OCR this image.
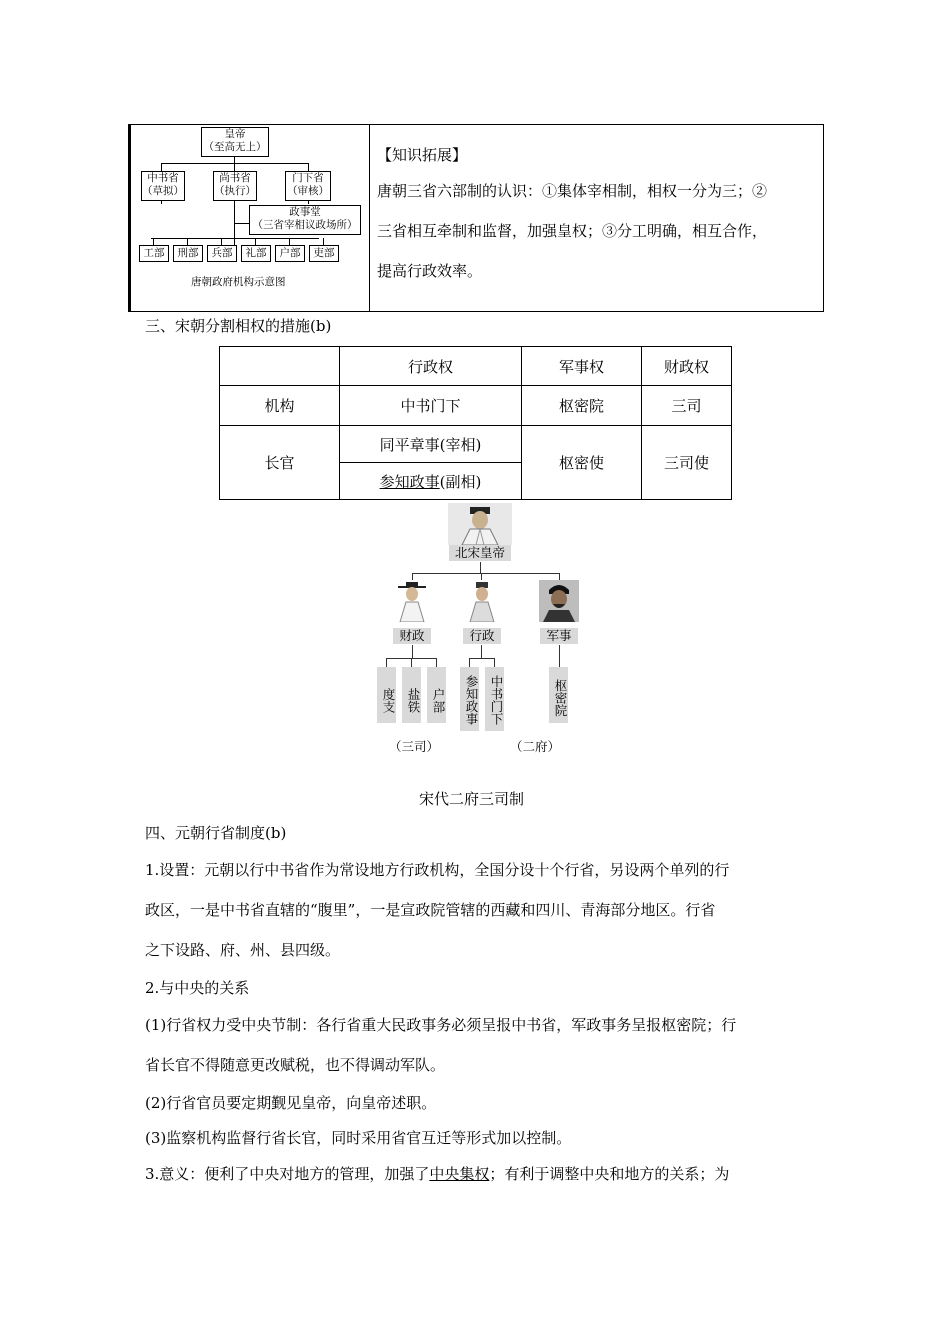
皇帝
（至高无上）
中书省
（草拟）
尚书省
（执行）
门下省
（审核）
政事堂
（三省宰相议政场所）
工部	刑部	兵部	礼部	户部	吏部
唐朝政府机构示意图
【知识拓展】
唐朝三省六部制的认识：①集体宰相制，相权一分为三；②
三省相互牵制和监督，加强皇权；③分工明确，相互合作，
提高行政效率。
三、宋朝分割相权的措施(b)
	行政权	军事权	财政权
机构	中书门下	枢密院	三司
长官	同平章事(宰相)	枢密使	三司使
	参知政事(副相)		
北宋皇帝
财政	行政	军事
度支 盐铁 户部	参知政事 中书门下	枢密院
（三司）	（二府）
宋代二府三司制
四、元朝行省制度(b)
1.设置：元朝以行中书省作为常设地方行政机构，全国分设十个行省，另设两个单列的行
政区，一是中书省直辖的“腹里”，一是宣政院管辖的西藏和四川、青海部分地区。行省
之下设路、府、州、县四级。
2.与中央的关系
(1)行省权力受中央节制：各行省重大民政事务必须呈报中书省，军政事务呈报枢密院；行
省长官不得随意更改赋税，也不得调动军队。
(2)行省官员要定期觐见皇帝，向皇帝述职。
(3)监察机构监督行省长官，同时采用省官互迁等形式加以控制。
3.意义：便利了中央对地方的管理，加强了中央集权；有利于调整中央和地方的关系；为
